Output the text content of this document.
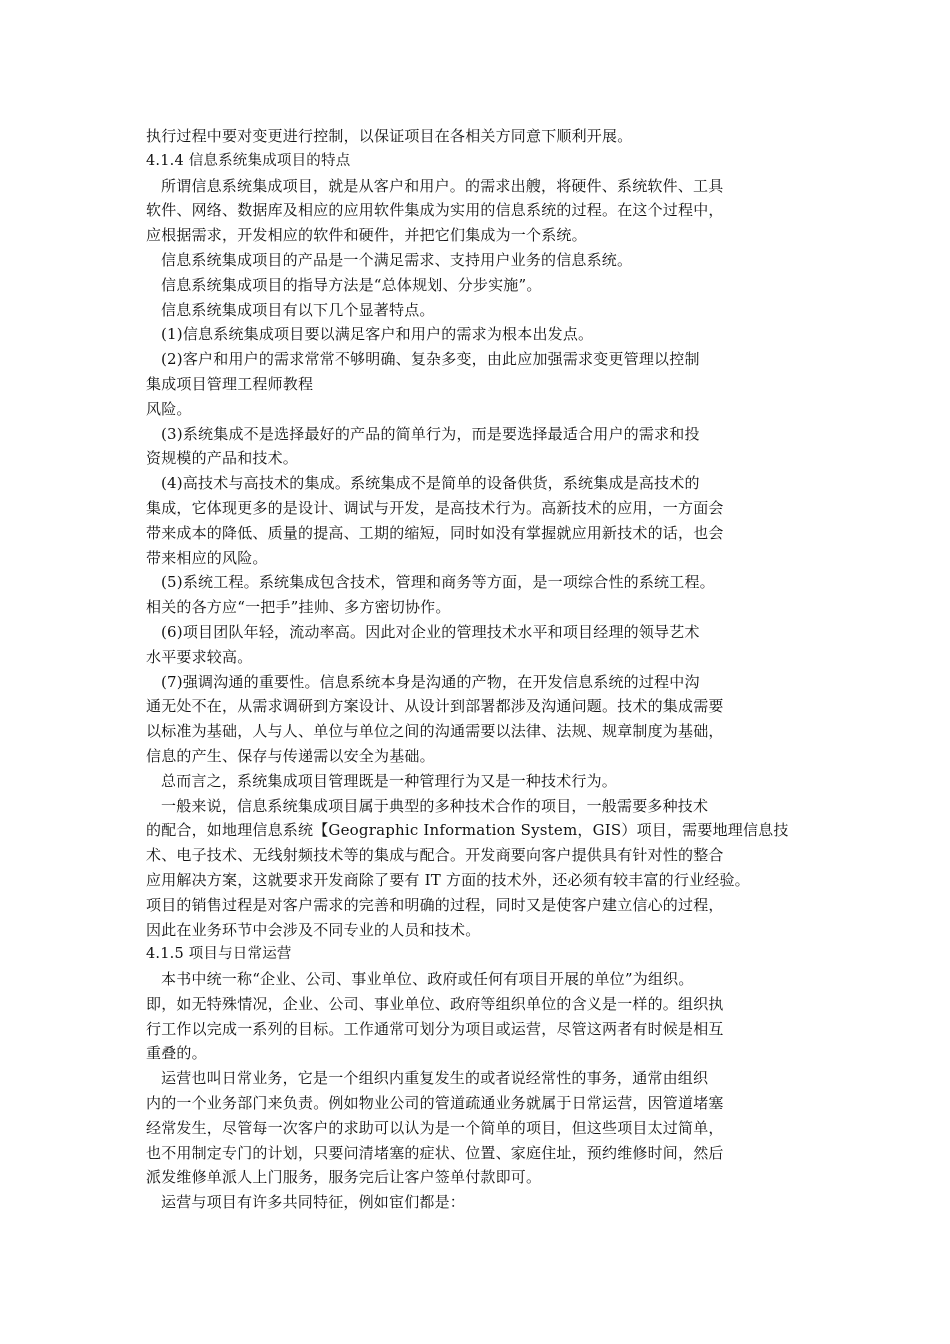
执行过程中要对变更进行控制，以保证项目在各相关方同意下顺利开展。
4.1.4 信息系统集成项目的特点
所谓信息系统集成项目，就是从客户和用户。的需求出艘，将硬件、系统软件、工具
软件、网络、数据库及相应的应用软件集成为实用的信息系统的过程。在这个过程中，
应根据需求，开发相应的软件和硬件，并把它们集成为一个系统。
信息系统集成项目的产品是一个满足需求、支持用户业务的信息系统。
信息系统集成项目的指导方法是“总体规划、分步实施”。
信息系统集成项目有以下几个显著特点。
(1)信息系统集成项目要以满足客户和用户的需求为根本出发点。
(2)客户和用户的需求常常不够明确、复杂多变，由此应加强需求变更管理以控制
集成项目管理工程师教程
风险。
(3)系统集成不是选择最好的产品的简单行为，而是要选择最适合用户的需求和投
资规模的产品和技术。
(4)高技术与高技术的集成。系统集成不是简单的设备供货，系统集成是高技术的
集成，它体现更多的是设计、调试与开发，是高技术行为。高新技术的应用，一方面会
带来成本的降低、质量的提高、工期的缩短，同时如没有掌握就应用新技术的话，也会
带来相应的风险。
(5)系统工程。系统集成包含技术，管理和商务等方面，是一项综合性的系统工程。
相关的各方应“一把手”挂帅、多方密切协作。
(6)项目团队年轻，流动率高。因此对企业的管理技术水平和项目经理的领导艺术
水平要求较高。
(7)强调沟通的重要性。信息系统本身是沟通的产物，在开发信息系统的过程中沟
通无处不在，从需求调研到方案设计、从设计到部署都涉及沟通问题。技术的集成需要
以标准为基础，人与人、单位与单位之间的沟通需要以法律、法规、规章制度为基础，
信息的产生、保存与传递需以安全为基础。
总而言之，系统集成项目管理既是一种管理行为又是一种技术行为。
一般来说，信息系统集成项目属于典型的多种技术合作的项目，一般需要多种技术
的配合，如地理信息系统【Geographic Information System，GIS）项目，需要地理信息技
术、电子技术、无线射频技术等的集成与配合。开发商要向客户提供具有针对性的整合
应用解决方案，这就要求开发商除了要有 IT 方面的技术外，还必须有较丰富的行业经验。
项目的销售过程是对客户需求的完善和明确的过程，同时又是使客户建立信心的过程，
因此在业务环节中会涉及不同专业的人员和技术。
4.1.5 项目与日常运营
本书中统一称“企业、公司、事业单位、政府或任何有项目开展的单位”为组织。
即，如无特殊情况，企业、公司、事业单位、政府等组织单位的含义是一样的。组织执
行工作以完成一系列的目标。工作通常可划分为项目或运营，尽管这两者有时候是相互
重叠的。
运营也叫日常业务，它是一个组织内重复发生的或者说经常性的事务，通常由组织
内的一个业务部门来负责。例如物业公司的管道疏通业务就属于日常运营，因管道堵塞
经常发生，尽管每一次客户的求助可以认为是一个简单的项目，但这些项目太过简单，
也不用制定专门的计划，只要问清堵塞的症状、位置、家庭住址，预约维修时间，然后
派发维修单派人上门服务，服务完后让客户签单付款即可。
运营与项目有许多共同特征，例如宦们都是：
